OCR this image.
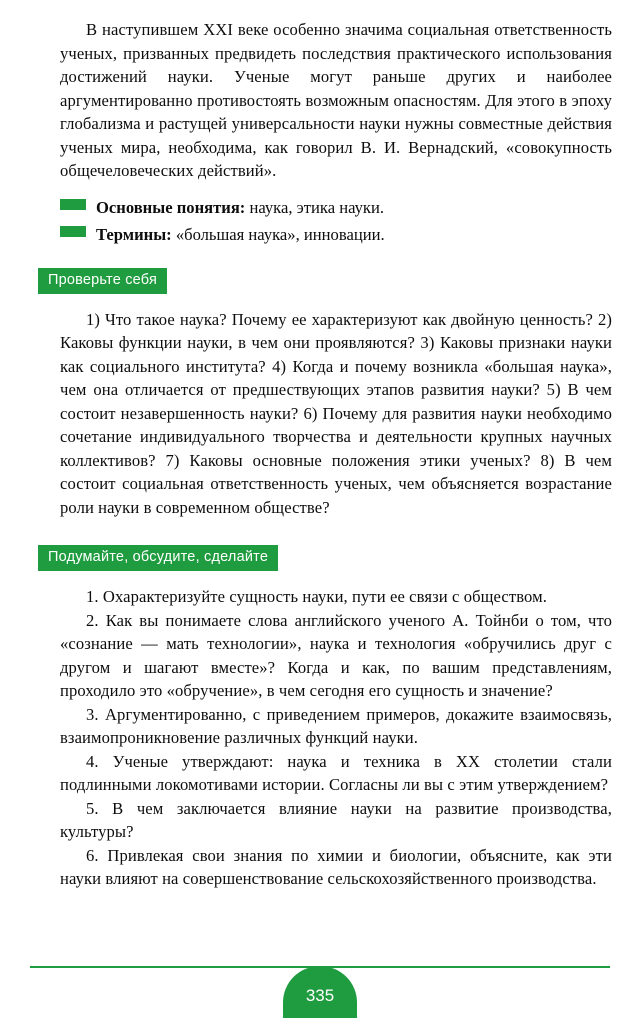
В наступившем XXI веке особенно значима социальная ответственность ученых, призванных предвидеть последствия практического использования достижений науки. Ученые могут раньше других и наиболее аргументированно противостоять возможным опасностям. Для этого в эпоху глобализма и растущей универсальности науки нужны совместные действия ученых мира, необходима, как говорил В. И. Вернадский, «совокупность общечеловеческих действий».

Основные понятия: наука, этика науки.
Термины: «большая наука», инновации.
Проверьте себя

1) Что такое наука? Почему ее характеризуют как двойную ценность? 2) Каковы функции науки, в чем они проявляются? 3) Каковы признаки науки как социального института? 4) Когда и почему возникла «большая наука», чем она отличается от предшествующих этапов развития науки? 5) В чем состоит незавершенность науки? 6) Почему для развития науки необходимо сочетание индивидуального творчества и деятельности крупных научных коллективов? 7) Каковы основные положения этики ученых? 8) В чем состоит социальная ответственность ученых, чем объясняется возрастание роли науки в современном обществе?

Подумайте, обсудите, сделайте

1. Охарактеризуйте сущность науки, пути ее связи с обществом.

2. Как вы понимаете слова английского ученого А. Тойнби о том, что «сознание — мать технологии», наука и технология «обручились друг с другом и шагают вместе»? Когда и как, по вашим представлениям, проходило это «обручение», в чем сегодня его сущность и значение?

3. Аргументированно, с приведением примеров, докажите взаимосвязь, взаимопроникновение различных функций науки.

4. Ученые утверждают: наука и техника в XX столетии стали подлинными локомотивами истории. Согласны ли вы с этим утверждением?

5. В чем заключается влияние науки на развитие производства, культуры?

6. Привлекая свои знания по химии и биологии, объясните, как эти науки влияют на совершенствование сельскохозяйственного производства.

335
